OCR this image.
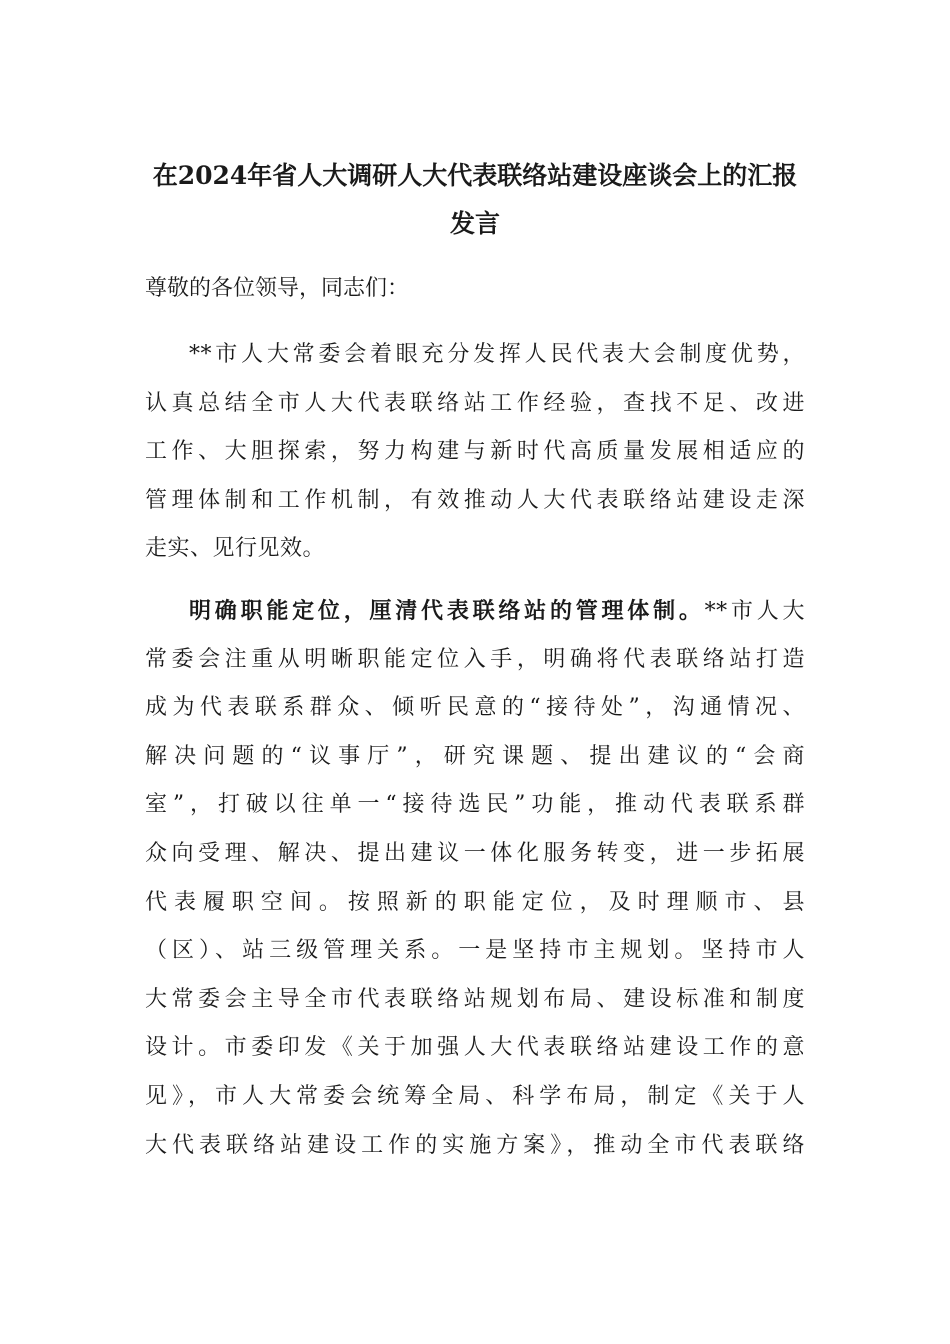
在2024年省人大调研人大代表联络站建设座谈会上的汇报
发言

尊敬的各位领导，同志们：

**市人大常委会着眼充分发挥人民代表大会制度优势，
认真总结全市人大代表联络站工作经验，查找不足、改进
工作、大胆探索，努力构建与新时代高质量发展相适应的
管理体制和工作机制，有效推动人大代表联络站建设走深
走实、见行见效。
明确职能定位，厘清代表联络站的管理体制。**市人大
常委会注重从明晰职能定位入手，明确将代表联络站打造
成为代表联系群众、倾听民意的“接待处”，沟通情况、
解决问题的“议事厅”，研究课题、提出建议的“会商
室”，打破以往单一“接待选民”功能，推动代表联系群
众向受理、解决、提出建议一体化服务转变，进一步拓展
代表履职空间。按照新的职能定位，及时理顺市、县
（区）、站三级管理关系。一是坚持市主规划。坚持市人
大常委会主导全市代表联络站规划布局、建设标准和制度
设计。市委印发《关于加强人大代表联络站建设工作的意
见》，市人大常委会统筹全局、科学布局，制定《关于人
大代表联络站建设工作的实施方案》，推动全市代表联络
